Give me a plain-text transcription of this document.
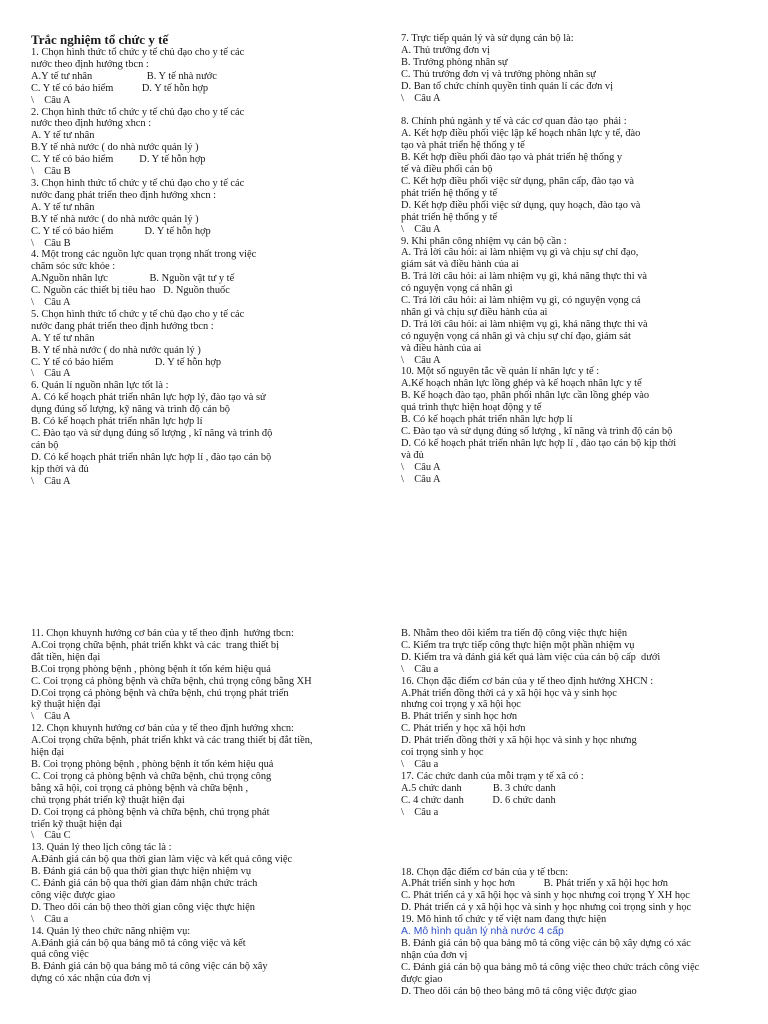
Trắc nghiệm tổ chức y tế
1. Chọn hình thức tổ chức y tế chủ đạo cho y tế các
nước theo định hướng tbcn :
A.Y tế tư nhân                     B. Y tế nhà nước
C. Y tế có bảo hiểm           D. Y tế hỗn hợp
\    Câu A
2. Chọn hình thức tổ chức y tế chủ đạo cho y tế các
nước theo định hướng xhcn :
A. Y tế tư nhân
B.Y tế nhà nước ( do nhà nước quản lý )
C. Y tế có bảo hiểm          D. Y tế hỗn hợp
\    Câu B
3. Chọn hình thức tổ chức y tế chủ đạo cho y tế các
nước đang phát triển theo định hướng xhcn :
A. Y tế tư nhân
B.Y tế nhà nước ( do nhà nước quản lý )
C. Y tế có bảo hiểm            D. Y tế hỗn hợp
\    Câu B
4. Một trong các nguồn lực quan trọng nhất trong việc
chăm sóc sức khỏe :
A.Nguồn nhân lực                B. Nguồn vật tư y tế
C. Nguồn các thiết bị tiêu hao   D. Nguồn thuốc
\    Câu A
5. Chọn hình thức tổ chức y tế chủ đạo cho y tế các
nước đang phát triển theo định hướng tbcn :
A. Y tế tư nhân
B. Y tế nhà nước ( do nhà nước quản lý )
C. Y tế có bảo hiểm                D. Y tế hỗn hợp
\    Câu A
6. Quản lí nguồn nhân lực tốt là :
A. Có kế hoạch phát triển nhân lực hợp lý, đào tạo và sử
dụng đúng số lượng, kỹ năng và trình độ cán bộ
B. Có kế hoạch phát triển nhân lực hợp lí
C. Đào tạo và sử dụng đúng số lượng , kĩ năng và trình độ
cán bộ
D. Có kế hoạch phát triển nhân lực hợp lí , đào tạo cán bộ
kịp thời và đủ
\    Câu A
7. Trực tiếp quản lý và sử dụng cán bộ là:
A. Thủ trưởng đơn vị
B. Trưởng phòng nhân sự
C. Thủ trưởng đơn vị và trưởng phòng nhân sự
D. Ban tổ chức chính quyền tỉnh quản lí các đơn vị
\    Câu A
8. Chính phủ ngành y tế và các cơ quan đào tạo  phải :
A. Kết hợp điều phối việc lập kế hoạch nhân lực y tế, đào
tạo và phát triển hệ thống y tế
B. Kết hợp điều phối đào tạo và phát triển hệ thống y
tế và điều phối cán bộ
C. Kết hợp điều phối việc sử dụng, phân cấp, đào tạo và
phát triển hệ thống y tế
D. Kết hợp điều phối việc sử dụng, quy hoạch, đào tạo và
phát triển hệ thống y tế
\    Câu A
9. Khi phân công nhiệm vụ cán bộ cần :
A. Trả lời câu hỏi: ai làm nhiệm vụ gì và chịu sự chỉ đạo,
giám sát và điều hành của ai
B. Trả lời câu hỏi: ai làm nhiệm vụ gì, khả năng thực thi và
có nguyện vọng cá nhân gì
C. Trả lời câu hỏi: ai làm nhiệm vụ gì, có nguyện vọng cá
nhân gì và chịu sự điều hành của ai
D. Trả lời câu hỏi: ai làm nhiệm vụ gì, khả năng thực thi và
có nguyện vọng cá nhân gì và chịu sự chỉ đạo, giám sát
và điều hành của ai
\    Câu A
10. Một số nguyên tắc về quản lí nhân lực y tế :
A.Kế hoạch nhân lực lồng ghép và kế hoạch nhân lực y tế
B. Kế hoạch đào tạo, phân phối nhân lực cần lồng ghép vào
quá trình thực hiện hoạt động y tế
B. Có kế hoạch phát triển nhân lực hợp lí
C. Đào tạo và sử dụng đúng số lượng , kĩ năng và trình độ cán bộ
D. Có kế hoạch phát triển nhân lực hợp lí , đào tạo cán bộ kịp thời
và đủ
\    Câu A
\    Câu A
11. Chọn khuynh hướng cơ bản của y tế theo định  hướng tbcn:
A.Coi trọng chữa bệnh, phát triển khkt và các  trang thiết bị
đắt tiền, hiện đại
B.Coi trọng phòng bệnh , phòng bệnh ít tốn kém hiệu quả
C. Coi trọng cả phòng bệnh và chữa bệnh, chú trọng công bằng XH
D.Coi trọng cả phòng bệnh và chữa bệnh, chú trọng phát triển
kỹ thuật hiện đại
\    Câu A
12. Chọn khuynh hướng cơ bản của y tế theo định hướng xhcn:
A.Coi trọng chữa bệnh, phát triển khkt và các trang thiết bị đắt tiền,
hiện đại
B. Coi trọng phòng bệnh , phòng bệnh ít tốn kém hiệu quả
C. Coi trọng cả phòng bệnh và chữa bệnh, chú trọng công
bằng xã hội, coi trọng cả phòng bệnh và chữa bệnh ,
chú trọng phát triển kỹ thuật hiện đại
D. Coi trọng cả phòng bệnh và chữa bệnh, chú trọng phát
triển kỹ thuật hiện đại
\    Câu C
13. Quản lý theo lịch công tác là :
A.Đánh giá cán bộ qua thời gian làm việc và kết quả công việc
B. Đánh giá cán bộ qua thời gian thực hiện nhiệm vụ
C. Đánh giá cán bộ qua thời gian đảm nhận chức trách
công việc được giao
D. Theo dõi cán bộ theo thời gian công việc thực hiện
\    Câu a
14. Quản lý theo chức năng nhiệm vụ:
A.Đánh giá cán bộ qua bảng mô tả công việc và kết
quả công việc
B. Đánh giá cán bộ qua bảng mô tả công việc cán bộ xây
dựng có xác nhận của đơn vị
B. Nhằm theo dõi kiểm tra tiến độ công việc thực hiện
C. Kiểm tra trực tiếp công thực hiện một phần nhiệm vụ
D. Kiểm tra và đánh giá kết quả làm việc của cán bộ cấp  dưới
\    Câu a
16. Chọn đặc điểm cơ bản của y tế theo định hướng XHCN :
A.Phát triển đồng thời cả y xã hội học và y sinh học
nhưng coi trọng y xã hội học
B. Phát triển y sinh học hơn
C. Phát triển y học xã hội hơn
D. Phát triển đồng thời y xã hội học và sinh y học nhưng
coi trọng sinh y học
\    Câu a
17. Các chức danh của mỗi trạm y tế xã có :
A.5 chức danh            B. 3 chức danh
C. 4 chức danh           D. 6 chức danh
\    Câu a
18. Chọn đặc điểm cơ bản của y tế tbcn:
A.Phát triển sinh y học hơn           B. Phát triển y xã hội học hơn
C. Phát triển cả y xã hội học và sinh y học nhưng coi trọng Y XH học
D. Phát triển cả y xã hội học và sinh y học nhưng coi trọng sinh y học
19. Mô hình tổ chức y tế việt nam đang thực hiện
A. Mô hình quản lý nhà nước 4 cấp
B. Đánh giá cán bộ qua bảng mô tả công việc cán bộ xây dựng có xác
nhận của đơn vị
C. Đánh giá cán bộ qua bảng mô tả công việc theo chức trách công việc
được giao
D. Theo dõi cán bộ theo bảng mô tả công việc được giao
